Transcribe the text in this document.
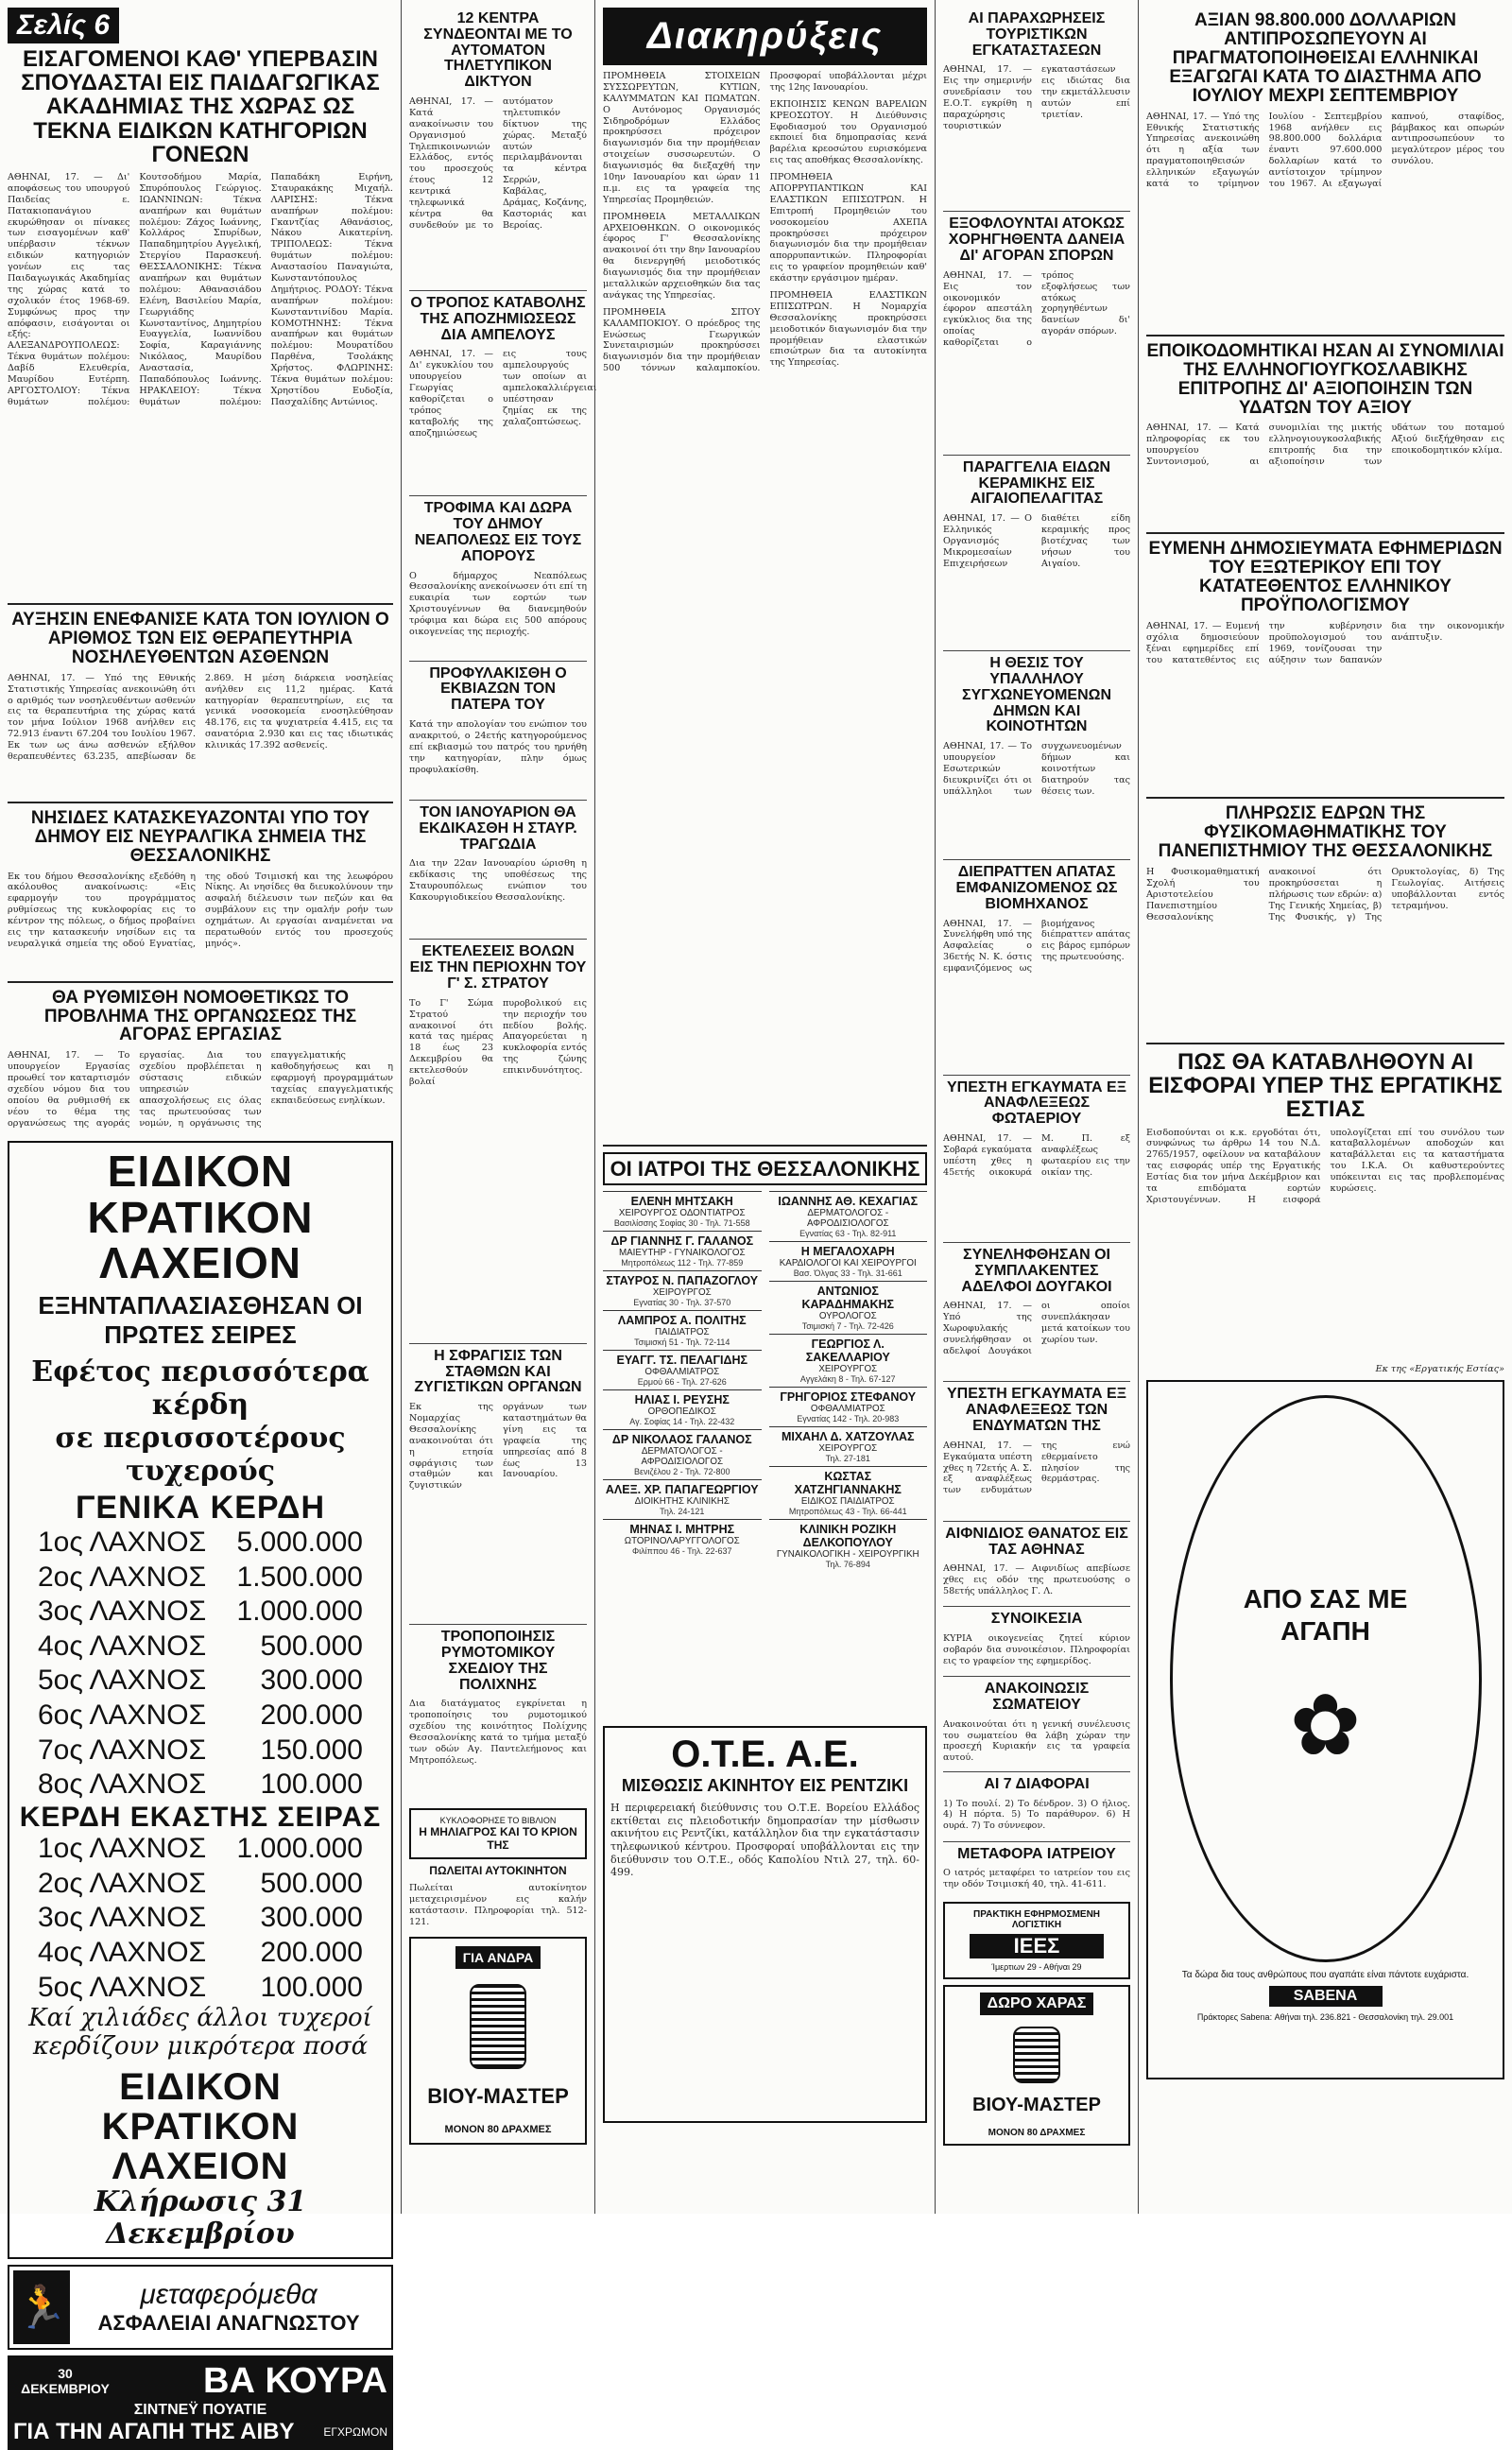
Σελίς 6
ΕΙΣΑΓΟΜΕΝΟΙ ΚΑΘ' ΥΠΕΡΒΑΣΙΝ ΣΠΟΥΔΑΣΤΑΙ ΕΙΣ ΠΑΙΔΑΓΩΓΙΚΑΣ ΑΚΑΔΗΜΙΑΣ ΤΗΣ ΧΩΡΑΣ ΩΣ ΤΕΚΝΑ ΕΙΔΙΚΩΝ ΚΑΤΗΓΟΡΙΩΝ ΓΟΝΕΩΝ
ΑΘΗΝΑΙ, 17. — Δι' αποφάσεως του υπουργού Παιδείας ε. Πατακιοπανάγιου εκυρώθησαν οι πίνακες των εισαγομένων καθ' υπέρβασιν τέκνων ειδικών κατηγοριών γονέων εις τας Παιδαγωγικάς Ακαδημίας της χώρας κατά το σχολικόν έτος 1968-69. Συμφώνως προς την απόφασιν, εισάγονται οι εξής: ΑΛΕΞΑΝΔΡΟΥΠΟΛΕΩΣ: Τέκνα θυμάτων πολέμου: Δαβίδ Ελευθερία, Μαυρίδου Ευτέρπη. ΑΡΓΟΣΤΟΛΙΟΥ: Τέκνα θυμάτων πολέμου: Κουτσοδήμου Μαρία, Σπυρόπουλος Γεώργιος. ΙΩΑΝΝΙΝΩΝ: Τέκνα αναπήρων και θυμάτων πολέμου: Ζάχος Ιωάννης, Κολλάρος Σπυρίδων, Παπαδημητρίου Αγγελική, Στεργίου Παρασκευή. ΘΕΣΣΑΛΟΝΙΚΗΣ: Τέκνα αναπήρων και θυμάτων πολέμου: Αθανασιάδου Ελένη, Βασιλείου Μαρία, Γεωργιάδης Κωνσταντίνος, Δημητρίου Ευαγγελία, Ιωαννίδου Σοφία, Καραγιάννης Νικόλαος, Μαυρίδου Αναστασία, Παπαδόπουλος Ιωάννης. ΗΡΑΚΛΕΙΟΥ: Τέκνα θυμάτων πολέμου: Παπαδάκη Ειρήνη, Σταυρακάκης Μιχαήλ. ΛΑΡΙΣΗΣ: Τέκνα αναπήρων πολέμου: Γκαντζίας Αθανάσιος, Νάκου Αικατερίνη. ΤΡΙΠΟΛΕΩΣ: Τέκνα θυμάτων πολέμου: Αναστασίου Παναγιώτα, Κωνσταντόπουλος Δημήτριος. ΡΟΔΟΥ: Τέκνα αναπήρων πολέμου: Κωνσταντινίδου Μαρία. ΚΟΜΟΤΗΝΗΣ: Τέκνα αναπήρων και θυμάτων πολέμου: Μουρατίδου Παρθένα, Τσολάκης Χρήστος. ΦΛΩΡΙΝΗΣ: Τέκνα θυμάτων πολέμου: Χρηστίδου Ευδοξία, Πασχαλίδης Αντώνιος.
ΑΥΞΗΣΙΝ ΕΝΕΦΑΝΙΣΕ ΚΑΤΑ ΤΟΝ ΙΟΥΛΙΟΝ Ο ΑΡΙΘΜΟΣ ΤΩΝ ΕΙΣ ΘΕΡΑΠΕΥΤΗΡΙΑ ΝΟΣΗΛΕΥΘΕΝΤΩΝ ΑΣΘΕΝΩΝ
ΑΘΗΝΑΙ, 17. — Υπό της Εθνικής Στατιστικής Υπηρεσίας ανεκοινώθη ότι ο αριθμός των νοσηλευθέντων ασθενών εις τα θεραπευτήρια της χώρας κατά τον μήνα Ιούλιον 1968 ανήλθεν εις 72.913 έναντι 67.204 του Ιουλίου 1967. Εκ των ως άνω ασθενών εξήλθον θεραπευθέντες 63.235, απεβίωσαν δε 2.869. Η μέση διάρκεια νοσηλείας ανήλθεν εις 11,2 ημέρας. Κατά κατηγορίαν θεραπευτηρίων, εις τα γενικά νοσοκομεία ενοσηλεύθησαν 48.176, εις τα ψυχιατρεία 4.415, εις τα σανατόρια 2.930 και εις τας ιδιωτικάς κλινικάς 17.392 ασθενείς.
ΝΗΣΙΔΕΣ ΚΑΤΑΣΚΕΥΑΖΟΝΤΑΙ ΥΠΟ ΤΟΥ ΔΗΜΟΥ ΕΙΣ ΝΕΥΡΑΛΓΙΚΑ ΣΗΜΕΙΑ ΤΗΣ ΘΕΣΣΑΛΟΝΙΚΗΣ
Εκ του δήμου Θεσσαλονίκης εξεδόθη η ακόλουθος ανακοίνωσις: «Εις εφαρμογήν του προγράμματος ρυθμίσεως της κυκλοφορίας εις το κέντρον της πόλεως, ο δήμος προβαίνει εις την κατασκευήν νησίδων εις τα νευραλγικά σημεία της οδού Εγνατίας, της οδού Τσιμισκή και της λεωφόρου Νίκης. Αι νησίδες θα διευκολύνουν την ασφαλή διέλευσιν των πεζών και θα συμβάλουν εις την ομαλήν ροήν των οχημάτων. Αι εργασίαι αναμένεται να περατωθούν εντός του προσεχούς μηνός».
ΘΑ ΡΥΘΜΙΣΘΗ ΝΟΜΟΘΕΤΙΚΩΣ ΤΟ ΠΡΟΒΛΗΜΑ ΤΗΣ ΟΡΓΑΝΩΣΕΩΣ ΤΗΣ ΑΓΟΡΑΣ ΕΡΓΑΣΙΑΣ
ΑΘΗΝΑΙ, 17. — Το υπουργείον Εργασίας προωθεί τον καταρτισμόν σχεδίου νόμου δια του οποίου θα ρυθμισθή εκ νέου το θέμα της οργανώσεως της αγοράς εργασίας. Δια του σχεδίου προβλέπεται η σύστασις ειδικών υπηρεσιών απασχολήσεως εις όλας τας πρωτευούσας των νομών, η οργάνωσις της επαγγελματικής καθοδηγήσεως και η εφαρμογή προγραμμάτων ταχείας επαγγελματικής εκπαιδεύσεως ενηλίκων.
ΕΙΔΙΚΟΝ ΚΡΑΤΙΚΟΝ ΛΑΧΕΙΟΝ
ΕΞΗΝΤΑΠΛΑΣΙΑΣΘΗΣΑΝ ΟΙ ΠΡΩΤΕΣ ΣΕΙΡΕΣ
Εφέτος περισσότερα κέρδη
σε περισσοτέρους τυχερούς
ΓΕΝΙΚΑ ΚΕΡΔΗ
1ος ΛΑΧΝΟΣ 5.000.000
2ος ΛΑΧΝΟΣ 1.500.000
3ος ΛΑΧΝΟΣ 1.000.000
4ος ΛΑΧΝΟΣ 500.000
5ος ΛΑΧΝΟΣ 300.000
6ος ΛΑΧΝΟΣ 200.000
7ος ΛΑΧΝΟΣ 150.000
8ος ΛΑΧΝΟΣ 100.000
ΚΕΡΔΗ ΕΚΑΣΤΗΣ ΣΕΙΡΑΣ
1ος ΛΑΧΝΟΣ 1.000.000
2ος ΛΑΧΝΟΣ 500.000
3ος ΛΑΧΝΟΣ 300.000
4ος ΛΑΧΝΟΣ 200.000
5ος ΛΑΧΝΟΣ 100.000
Καί χιλιάδες άλλοι τυχεροί κερδίζουν μικρότερα ποσά
ΕΙΔΙΚΟΝ ΚΡΑΤΙΚΟΝ ΛΑΧΕΙΟΝ
Κλήρωσις 31 Δεκεμβρίου
🏃	μεταφερόμεθα
ΑΣΦΑΛΕΙΑΙ ΑΝΑΓΝΩΣΤΟΥ
30 ΔΕΚΕΜΒΡΙΟΥ	ΒΑ ΚΟΥΡΑ
ΣΙΝΤΝΕΫ ΠΟΥΑΤΙΕ
ΓΙΑ ΤΗΝ ΑΓΑΠΗ ΤΗΣ ΑΙΒΥ	ΕΓΧΡΩΜΟΝ
12 ΚΕΝΤΡΑ ΣΥΝΔΕΟΝΤΑΙ ΜΕ ΤΟ ΑΥΤΟΜΑΤΟΝ ΤΗΛΕΤΥΠΙΚΟΝ ΔΙΚΤΥΟΝ
ΑΘΗΝΑΙ, 17. — Κατά ανακοίνωσιν του Οργανισμού Τηλεπικοινωνιών Ελλάδος, εντός του προσεχούς έτους 12 κεντρικά τηλεφωνικά κέντρα θα συνδεθούν με το αυτόματον τηλετυπικόν δίκτυον της χώρας. Μεταξύ αυτών περιλαμβάνονται τα κέντρα Σερρών, Καβάλας, Δράμας, Κοζάνης, Καστοριάς και Βεροίας.
Ο ΤΡΟΠΟΣ ΚΑΤΑΒΟΛΗΣ ΤΗΣ ΑΠΟΖΗΜΙΩΣΕΩΣ ΔΙΑ ΑΜΠΕΛΟΥΣ
ΑΘΗΝΑΙ, 17. — Δι' εγκυκλίου του υπουργείου Γεωργίας καθορίζεται ο τρόπος καταβολής της αποζημιώσεως εις τους αμπελουργούς των οποίων αι αμπελοκαλλιέργειαι υπέστησαν ζημίας εκ της χαλαζοπτώσεως.
ΤΡΟΦΙΜΑ ΚΑΙ ΔΩΡΑ ΤΟΥ ΔΗΜΟΥ ΝΕΑΠΟΛΕΩΣ ΕΙΣ ΤΟΥΣ ΑΠΟΡΟΥΣ
Ο δήμαρχος Νεαπόλεως Θεσσαλονίκης ανεκοίνωσεν ότι επί τη ευκαιρία των εορτών των Χριστουγέννων θα διανεμηθούν τρόφιμα και δώρα εις 500 απόρους οικογενείας της περιοχής.
ΠΡΟΦΥΛΑΚΙΣΘΗ Ο ΕΚΒΙΑΖΩΝ ΤΟΝ ΠΑΤΕΡΑ ΤΟΥ
Κατά την απολογίαν του ενώπιον του ανακριτού, ο 24ετής κατηγορούμενος επί εκβιασμώ του πατρός του ηρνήθη την κατηγορίαν, πλην όμως προφυλακίσθη.
ΤΟΝ ΙΑΝΟΥΑΡΙΟΝ ΘΑ ΕΚΔΙΚΑΣΘΗ Η ΣΤΑΥΡ. ΤΡΑΓΩΔΙΑ
Δια την 22αν Ιανουαρίου ώρισθη η εκδίκασις της υποθέσεως της Σταυρουπόλεως ενώπιον του Κακουργιοδικείου Θεσσαλονίκης.
ΕΚΤΕΛΕΣΕΙΣ ΒΟΛΩΝ ΕΙΣ ΤΗΝ ΠΕΡΙΟΧΗΝ ΤΟΥ Γ' Σ. ΣΤΡΑΤΟΥ
Το Γ' Σώμα Στρατού ανακοινοί ότι κατά τας ημέρας 18 έως 23 Δεκεμβρίου θα εκτελεσθούν βολαί πυροβολικού εις την περιοχήν του πεδίου βολής. Απαγορεύεται η κυκλοφορία εντός της ζώνης επικινδυνότητος.
Η ΣΦΡΑΓΙΣΙΣ ΤΩΝ ΣΤΑΘΜΩΝ ΚΑΙ ΖΥΓΙΣΤΙΚΩΝ ΟΡΓΑΝΩΝ
Εκ της Νομαρχίας Θεσσαλονίκης ανακοινούται ότι η ετησία σφράγισις των σταθμών και ζυγιστικών οργάνων των καταστημάτων θα γίνη εις τα γραφεία της υπηρεσίας από 8 έως 13 Ιανουαρίου.
ΤΡΟΠΟΠΟΙΗΣΙΣ ΡΥΜΟΤΟΜΙΚΟΥ ΣΧΕΔΙΟΥ ΤΗΣ ΠΟΛΙΧΝΗΣ
Δια διατάγματος εγκρίνεται η τροποποίησις του ρυμοτομικού σχεδίου της κοινότητος Πολίχνης Θεσσαλονίκης κατά το τμήμα μεταξύ των οδών Αγ. Παντελεήμονος και Μητροπόλεως.
ΚΥΚΛΟΦΟΡΗΣΕ ΤΟ ΒΙΒΛΙΟΝ
Η ΜΗΛΙΑΓΡΟΣ ΚΑΙ ΤΟ ΚΡΙΟΝ ΤΗΣ
ΠΩΛΕΙΤΑΙ ΑΥΤΟΚΙΝΗΤΟΝ
Πωλείται αυτοκίνητον μεταχειρισμένον εις καλήν κατάστασιν. Πληροφορίαι τηλ. 512-121.
ΓΙΑ ΑΝΔΡΑ
ΒΙΟΥ-ΜΑΣΤΕΡ
ΜΟΝΟΝ 80 ΔΡΑΧΜΕΣ
Διακηρύξεις

ΠΡΟΜΗΘΕΙΑ ΣΤΟΙΧΕΙΩΝ ΣΥΣΣΩΡΕΥΤΩΝ, ΚΥΤΙΩΝ, ΚΑΛΥΜΜΑΤΩΝ ΚΑΙ ΠΩΜΑΤΩΝ. Ο Αυτόνομος Οργανισμός Σιδηροδρόμων Ελλάδος προκηρύσσει πρόχειρον διαγωνισμόν δια την προμήθειαν στοιχείων συσσωρευτών. Ο διαγωνισμός θα διεξαχθή την 10ην Ιανουαρίου και ώραν 11 π.μ. εις τα γραφεία της Υπηρεσίας Προμηθειών.

ΠΡΟΜΗΘΕΙΑ ΜΕΤΑΛΛΙΚΩΝ ΑΡΧΕΙΟΘΗΚΩΝ. Ο οικονομικός έφορος Γ' Θεσσαλονίκης ανακοινοί ότι την 8ην Ιανουαρίου θα διενεργηθή μειοδοτικός διαγωνισμός δια την προμήθειαν μεταλλικών αρχειοθηκών δια τας ανάγκας της Υπηρεσίας.

ΠΡΟΜΗΘΕΙΑ ΣΙΤΟΥ ΚΑΛΑΜΠΟΚΙΟΥ. Ο πρόεδρος της Ενώσεως Γεωργικών Συνεταιρισμών προκηρύσσει διαγωνισμόν δια την προμήθειαν 500 τόννων καλαμποκίου. Προσφοραί υποβάλλονται μέχρι της 12ης Ιανουαρίου.

ΕΚΠΟΙΗΣΙΣ ΚΕΝΩΝ ΒΑΡΕΛΙΩΝ ΚΡΕΟΣΩΤΟΥ. Η Διεύθυνσις Εφοδιασμού του Οργανισμού εκποιεί δια δημοπρασίας κενά βαρέλια κρεοσώτου ευρισκόμενα εις τας αποθήκας Θεσσαλονίκης.

ΠΡΟΜΗΘΕΙΑ ΑΠΟΡΡΥΠΑΝΤΙΚΩΝ ΚΑΙ ΕΛΑΣΤΙΚΩΝ ΕΠΙΣΩΤΡΩΝ. Η Επιτροπή Προμηθειών του νοσοκομείου ΑΧΕΠΑ προκηρύσσει πρόχειρον διαγωνισμόν δια την προμήθειαν απορρυπαντικών. Πληροφορίαι εις το γραφείον προμηθειών καθ' εκάστην εργάσιμον ημέραν.

ΠΡΟΜΗΘΕΙΑ ΕΛΑΣΤΙΚΩΝ ΕΠΙΣΩΤΡΩΝ. Η Νομαρχία Θεσσαλονίκης προκηρύσσει μειοδοτικόν διαγωνισμόν δια την προμήθειαν ελαστικών επισώτρων δια τα αυτοκίνητα της Υπηρεσίας.

ΟΙ ΙΑΤΡΟΙ ΤΗΣ ΘΕΣΣΑΛΟΝΙΚΗΣ
ΕΛΕΝΗ ΜΗΤΣΑΚΗ
ΧΕΙΡΟΥΡΓΟΣ ΟΔΟΝΤΙΑΤΡΟΣ
Βασιλίσσης Σοφίας 30 - Τηλ. 71-558
ΔΡ ΓΙΑΝΝΗΣ Γ. ΓΑΛΑΝΟΣ
ΜΑΙΕΥΤΗΡ - ΓΥΝΑΙΚΟΛΟΓΟΣ
Μητροπόλεως 112 - Τηλ. 77-859
ΣΤΑΥΡΟΣ Ν. ΠΑΠΑΖΟΓΛΟΥ
ΧΕΙΡΟΥΡΓΟΣ
Εγνατίας 30 - Τηλ. 37-570
ΛΑΜΠΡΟΣ Α. ΠΟΛΙΤΗΣ
ΠΑΙΔΙΑΤΡΟΣ
Τσιμισκή 51 - Τηλ. 72-114
ΕΥΑΓΓ. ΤΣ. ΠΕΛΑΓΙΔΗΣ
ΟΦΘΑΛΜΙΑΤΡΟΣ
Ερμού 66 - Τηλ. 27-626
ΗΛΙΑΣ Ι. ΡΕΥΣΗΣ
ΟΡΘΟΠΕΔΙΚΟΣ
Αγ. Σοφίας 14 - Τηλ. 22-432
ΔΡ ΝΙΚΟΛΑΟΣ ΓΑΛΑΝΟΣ
ΔΕΡΜΑΤΟΛΟΓΟΣ - ΑΦΡΟΔΙΣΙΟΛΟΓΟΣ
Βενιζέλου 2 - Τηλ. 72-800
ΑΛΕΞ. ΧΡ. ΠΑΠΑΓΕΩΡΓΙΟΥ
ΔΙΟΙΚΗΤΗΣ ΚΛΙΝΙΚΗΣ
Τηλ. 24-121
ΜΗΝΑΣ Ι. ΜΗΤΡΗΣ
ΩΤΟΡΙΝΟΛΑΡΥΓΓΟΛΟΓΟΣ
Φιλίππου 46 - Τηλ. 22-637
ΙΩΑΝΝΗΣ ΑΘ. ΚΕΧΑΓΙΑΣ
ΔΕΡΜΑΤΟΛΟΓΟΣ - ΑΦΡΟΔΙΣΙΟΛΟΓΟΣ
Εγνατίας 63 - Τηλ. 82-911
Η ΜΕΓΑΛΟΧΑΡΗ
ΚΑΡΔΙΟΛΟΓΟΙ ΚΑΙ ΧΕΙΡΟΥΡΓΟΙ
Βασ. Όλγας 33 - Τηλ. 31-661
ΑΝΤΩΝΙΟΣ ΚΑΡΑΔΗΜΑΚΗΣ
ΟΥΡΟΛΟΓΟΣ
Τσιμισκή 7 - Τηλ. 72-426
ΓΕΩΡΓΙΟΣ Λ. ΣΑΚΕΛΛΑΡΙΟΥ
ΧΕΙΡΟΥΡΓΟΣ
Αγγελάκη 8 - Τηλ. 67-127
ΓΡΗΓΟΡΙΟΣ ΣΤΕΦΑΝΟΥ
ΟΦΘΑΛΜΙΑΤΡΟΣ
Εγνατίας 142 - Τηλ. 20-983
ΜΙΧΑΗΛ Δ. ΧΑΤΖΟΥΛΑΣ
ΧΕΙΡΟΥΡΓΟΣ
Τηλ. 27-181
ΚΩΣΤΑΣ ΧΑΤΖΗΓΙΑΝΝΑΚΗΣ
ΕΙΔΙΚΟΣ ΠΑΙΔΙΑΤΡΟΣ
Μητροπόλεως 43 - Τηλ. 66-441
ΚΛΙΝΙΚΗ ΡΟΖΙΚΗ ΔΕΛΚΟΠΟΥΛΟΥ
ΓΥΝΑΙΚΟΛΟΓΙΚΗ - ΧΕΙΡΟΥΡΓΙΚΗ
Τηλ. 76-894
Ο.Τ.Ε. Α.Ε.
ΜΙΣΘΩΣΙΣ ΑΚΙΝΗΤΟΥ ΕΙΣ ΡΕΝΤΖΙΚΙ
Η περιφερειακή διεύθυνσις του Ο.Τ.Ε. Βορείου Ελλάδος εκτίθεται εις πλειοδοτικήν δημοπρασίαν την μίσθωσιν ακινήτου εις Ρεντζίκι, κατάλληλον δια την εγκατάστασιν τηλεφωνικού κέντρου. Προσφοραί υποβάλλονται εις την διεύθυνσιν του Ο.Τ.Ε., οδός Καπολίου Ντιλ 27, τηλ. 60-499.
ΑΙ ΠΑΡΑΧΩΡΗΣΕΙΣ ΤΟΥΡΙΣΤΙΚΩΝ ΕΓΚΑΤΑΣΤΑΣΕΩΝ
ΑΘΗΝΑΙ, 17. — Εις την σημερινήν συνεδρίασιν του Ε.Ο.Τ. εγκρίθη η παραχώρησις τουριστικών εγκαταστάσεων εις ιδιώτας δια την εκμετάλλευσιν αυτών επί τριετίαν.
ΕΞΟΦΛΟΥΝΤΑΙ ΑΤΟΚΩΣ ΧΟΡΗΓΗΘΕΝΤΑ ΔΑΝΕΙΑ ΔΙ' ΑΓΟΡΑΝ ΣΠΟΡΩΝ
ΑΘΗΝΑΙ, 17. — Εις τον οικονομικόν έφορον απεστάλη εγκύκλιος δια της οποίας καθορίζεται ο τρόπος εξοφλήσεως των ατόκως χορηγηθέντων δανείων δι' αγοράν σπόρων.
ΠΑΡΑΓΓΕΛΙΑ ΕΙΔΩΝ ΚΕΡΑΜΙΚΗΣ ΕΙΣ ΑΙΓΑΙΟΠΕΛΑΓΙΤΑΣ
ΑΘΗΝΑΙ, 17. — Ο Ελληνικός Οργανισμός Μικρομεσαίων Επιχειρήσεων διαθέτει είδη κεραμικής προς βιοτέχνας των νήσων του Αιγαίου.
Η ΘΕΣΙΣ ΤΟΥ ΥΠΑΛΛΗΛΟΥ ΣΥΓΧΩΝΕΥΟΜΕΝΩΝ ΔΗΜΩΝ ΚΑΙ ΚΟΙΝΟΤΗΤΩΝ
ΑΘΗΝΑΙ, 17. — Το υπουργείον Εσωτερικών διευκρινίζει ότι οι υπάλληλοι των συγχωνευομένων δήμων και κοινοτήτων διατηρούν τας θέσεις των.
ΔΙΕΠΡΑΤΤΕΝ ΑΠΑΤΑΣ ΕΜΦΑΝΙΖΟΜΕΝΟΣ ΩΣ ΒΙΟΜΗΧΑΝΟΣ
ΑΘΗΝΑΙ, 17. — Συνελήφθη υπό της Ασφαλείας ο 36ετής Ν. Κ. όστις εμφανιζόμενος ως βιομήχανος διέπραττεν απάτας εις βάρος εμπόρων της πρωτευούσης.
ΥΠΕΣΤΗ ΕΓΚΑΥΜΑΤΑ ΕΞ ΑΝΑΦΛΕΞΕΩΣ ΦΩΤΑΕΡΙΟΥ
ΑΘΗΝΑΙ, 17. — Σοβαρά εγκαύματα υπέστη χθες η 45ετής οικοκυρά Μ. Π. εξ αναφλέξεως φωταερίου εις την οικίαν της.
ΣΥΝΕΛΗΦΘΗΣΑΝ ΟΙ ΣΥΜΠΛΑΚΕΝΤΕΣ ΑΔΕΛΦΟΙ ΔΟΥΓΑΚΟΙ
ΑΘΗΝΑΙ, 17. — Υπό της Χωροφυλακής συνελήφθησαν οι αδελφοί Δουγάκοι οι οποίοι συνεπλάκησαν μετά κατοίκων του χωρίου των.
ΥΠΕΣΤΗ ΕΓΚΑΥΜΑΤΑ ΕΞ ΑΝΑΦΛΕΞΕΩΣ ΤΩΝ ΕΝΔΥΜΑΤΩΝ ΤΗΣ
ΑΘΗΝΑΙ, 17. — Εγκαύματα υπέστη χθες η 72ετής Α. Σ. εξ αναφλέξεως των ενδυμάτων της ενώ εθερμαίνετο πλησίον της θερμάστρας.
ΑΙΦΝΙΔΙΟΣ ΘΑΝΑΤΟΣ ΕΙΣ ΤΑΣ ΑΘΗΝΑΣ
ΑΘΗΝΑΙ, 17. — Αιφνιδίως απεβίωσε χθες εις οδόν της πρωτευούσης ο 58ετής υπάλληλος Γ. Λ.
ΣΥΝΟΙΚΕΣΙΑ
ΚΥΡΙΑ οικογενείας ζητεί κύριον σοβαρόν δια συνοικέσιον. Πληροφορίαι εις το γραφείον της εφημερίδος.
ΑΝΑΚΟΙΝΩΣΙΣ ΣΩΜΑΤΕΙΟΥ
Ανακοινούται ότι η γενική συνέλευσις του σωματείου θα λάβη χώραν την προσεχή Κυριακήν εις τα γραφεία αυτού.
ΑΙ 7 ΔΙΑΦΟΡΑΙ
1) Το πουλί. 2) Το δένδρον. 3) Ο ήλιος. 4) Η πόρτα. 5) Το παράθυρον. 6) Η ουρά. 7) Το σύννεφον.
ΜΕΤΑΦΟΡΑ ΙΑΤΡΕΙΟΥ
Ο ιατρός μεταφέρει το ιατρείον του εις την οδόν Τσιμισκή 40, τηλ. 41-611.
ΠΡΑΚΤΙΚΗ ΕΦΗΡΜΟΣΜΕΝΗ ΛΟΓΙΣΤΙΚΗ
ΙΕΕΣ
Ίμερτιων 29 - Αθήναι 29
ΔΩΡΟ ΧΑΡΑΣ
ΒΙΟΥ-ΜΑΣΤΕΡ
ΜΟΝΟΝ 80 ΔΡΑΧΜΕΣ
ΑΞΙΑΝ 98.800.000 ΔΟΛΛΑΡΙΩΝ ΑΝΤΙΠΡΟΣΩΠΕΥΟΥΝ ΑΙ ΠΡΑΓΜΑΤΟΠΟΙΗΘΕΙΣΑΙ ΕΛΛΗΝΙΚΑΙ ΕΞΑΓΩΓΑΙ ΚΑΤΑ ΤΟ ΔΙΑΣΤΗΜΑ ΑΠΟ ΙΟΥΛΙΟΥ ΜΕΧΡΙ ΣΕΠΤΕΜΒΡΙΟΥ
ΑΘΗΝΑΙ, 17. — Υπό της Εθνικής Στατιστικής Υπηρεσίας ανεκοινώθη ότι η αξία των πραγματοποιηθεισών ελληνικών εξαγωγών κατά το τρίμηνον Ιουλίου - Σεπτεμβρίου 1968 ανήλθεν εις 98.800.000 δολλάρια έναντι 97.600.000 δολλαρίων κατά το αντίστοιχον τρίμηνον του 1967. Αι εξαγωγαί καπνού, σταφίδος, βάμβακος και οπωρών αντιπροσωπεύουν το μεγαλύτερον μέρος του συνόλου.
ΕΠΟΙΚΟΔΟΜΗΤΙΚΑΙ ΗΣΑΝ ΑΙ ΣΥΝΟΜΙΛΙΑΙ ΤΗΣ ΕΛΛΗΝΟΓΙΟΥΓΚΟΣΛΑΒΙΚΗΣ ΕΠΙΤΡΟΠΗΣ ΔΙ' ΑΞΙΟΠΟΙΗΣΙΝ ΤΩΝ ΥΔΑΤΩΝ ΤΟΥ ΑΞΙΟΥ
ΑΘΗΝΑΙ, 17. — Κατά πληροφορίας εκ του υπουργείου Συντονισμού, αι συνομιλίαι της μικτής ελληνογιουγκοσλαβικής επιτροπής δια την αξιοποίησιν των υδάτων του ποταμού Αξιού διεξήχθησαν εις εποικοδομητικόν κλίμα.
ΕΥΜΕΝΗ ΔΗΜΟΣΙΕΥΜΑΤΑ ΕΦΗΜΕΡΙΔΩΝ ΤΟΥ ΕΞΩΤΕΡΙΚΟΥ ΕΠΙ ΤΟΥ ΚΑΤΑΤΕΘΕΝΤΟΣ ΕΛΛΗΝΙΚΟΥ ΠΡΟΫΠΟΛΟΓΙΣΜΟΥ
ΑΘΗΝΑΙ, 17. — Ευμενή σχόλια δημοσιεύουν ξέναι εφημερίδες επί του κατατεθέντος εις την κυβέρνησιν προϋπολογισμού του 1969, τονίζουσαι την αύξησιν των δαπανών δια την οικονομικήν ανάπτυξιν.
ΠΛΗΡΩΣΙΣ ΕΔΡΩΝ ΤΗΣ ΦΥΣΙΚΟΜΑΘΗΜΑΤΙΚΗΣ ΤΟΥ ΠΑΝΕΠΙΣΤΗΜΙΟΥ ΤΗΣ ΘΕΣΣΑΛΟΝΙΚΗΣ
Η Φυσικομαθηματική Σχολή του Αριστοτελείου Πανεπιστημίου Θεσσαλονίκης ανακοινοί ότι προκηρύσσεται η πλήρωσις των εδρών: α) Της Γενικής Χημείας, β) Της Φυσικής, γ) Της Ορυκτολογίας, δ) Της Γεωλογίας. Αιτήσεις υποβάλλονται εντός τετραμήνου.
ΠΩΣ ΘΑ ΚΑΤΑΒΛΗΘΟΥΝ ΑΙ ΕΙΣΦΟΡΑΙ ΥΠΕΡ ΤΗΣ ΕΡΓΑΤΙΚΗΣ ΕΣΤΙΑΣ
Εισδοπούνται οι κ.κ. εργοδόται ότι, συνφώνως τω άρθρω 14 του Ν.Δ. 2765/1957, οφείλουν να καταβάλουν τας εισφοράς υπέρ της Εργατικής Εστίας δια τον μήνα Δεκέμβριον και τα επιδόματα εορτών Χριστουγέννων. Η εισφορά υπολογίζεται επί του συνόλου των καταβαλλομένων αποδοχών και καταβάλλεται εις τα καταστήματα του Ι.Κ.Α. Οι καθυστερούντες υπόκεινται εις τας προβλεπομένας κυρώσεις.
Εκ της «Εργατικής Εστίας»
ΑΠΟ ΣΑΣ ΜΕ ΑΓΑΠΗ
✿
Τα δώρα δια τους ανθρώπους που αγαπάτε είναι πάντοτε ευχάριστα.
SABENA
Πράκτορες Sabena: Αθήναι τηλ. 236.821 - Θεσσαλονίκη τηλ. 29.001
